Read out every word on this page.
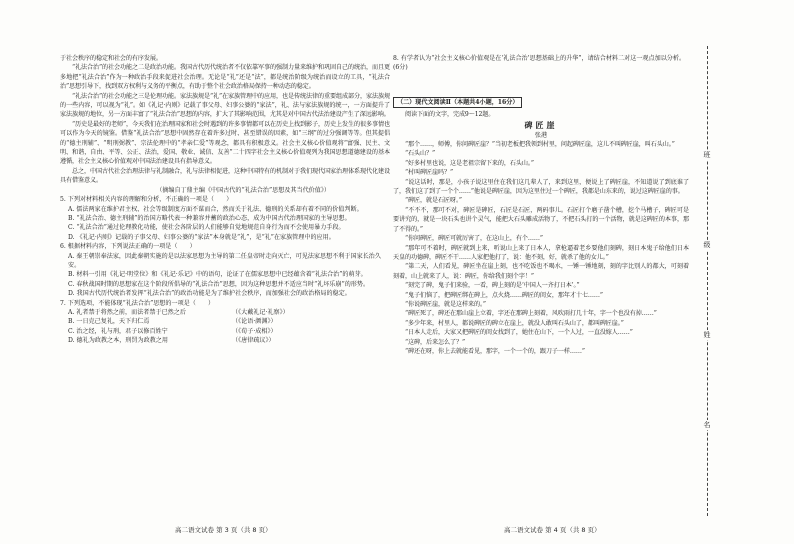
于社会秩序的稳定和社会的有序发展。

“礼法合治”的社会功能之二是政治功能。我国古代历代统治者不仅依靠军事的强制力量来维护和巩固自己的统治，而且更多地把“礼法合治”作为一种政治手段来促进社会治理。无论是“礼”还是“法”，都是统治阶级为统治而设立的工具，“礼法合治”思想引导下，找到双方权利与义务的平衡点，有助于整个社会政治格局保持一种动态的稳定。

“礼法合治”的社会功能之三是伦理功能。家法族规是“礼”在家族管理中的应用，也是传统法律的重要组成部分，家法族规的一些内容，可以视为“礼”。如《礼记·内则》记载了事父母、妇事公婆的“家法”，礼、法与家法族规的统一，一方面提升了家法族规的地位，另一方面丰富了“礼法合治”思想的内容，扩大了其影响范围，尤其是对中国古代法治建设产生了深远影响。

“历史是最好的老师”，今天我们在治理国家和社会时遇到的许多事情都可以在历史上找到影子，历史上发生的很多事情也可以作为今天的镜鉴。借鉴“礼法合治”思想中固然存在着许多过时、甚至错误的因素，如“三纲”的过分强调等等。但其提倡的“德主刑辅”、“明刑弼教”、宗法伦理中的“孝亲仁爱”等观念，都具有积极意义。社会主义核心价值观将“富强、民主、文明、和谐，自由、平等、公正、法治，爱国、敬业、诚信、友善”二十四字社会主义核心价值观列为我国思想道德建设的基本遵循，社会主义核心价值观对中国法治建设具有指导意义。

总之，中国古代社会治理法律与礼制融合，礼与法律相促进，这种中国特有的机制对于我们现代国家治理体系现代化建设具有借鉴意义。

（摘编自丁鼎主编《中国古代的“礼法合治”思想及其当代价值》）

5. 下列对材料相关内容的理解和分析，不正确的一项是（　　）

A. 儒法两家在维护君主权、社会等级制度方面不谋而合，然而关于礼法、德刑的关系却有着不同的价值判断。

B. “礼法合治、德主刑辅”的治国方略代表一种兼容并蓄的政治心态，成为中国古代治理国家的主导思想。

C. “礼法合治”通过伦理教化功能，使社会各阶层的人们能够自觉地规范自身行为而不会使用暴力手段。

D. 《礼记·内则》记载的子事父母、妇事公婆的“家法”本身就是“礼”，是“礼”在家族管理中的应用。

6. 根据材料内容，下列说法正确的一项是（　　）

A. 秦王朝崇奉法家，因此秦朝实施的是以法家思想为主导的第二任皇帝时走向灭亡，可见法家思想不利于国家长治久安。

B. 材料一引用《礼记·明堂位》和《礼记·乐记》中的语句，论证了在儒家思想中已经蕴含着“礼法合治”的萌芽。

C. 春秋战国时期的思想家在这个阶段所倡导的“礼法合治”思想，因为这种思想并不适应当时“礼坏乐崩”的形势。

D. 我国古代历代统治者发挥“礼法合治”的政治功能是为了维护社会秩序，而加强社会的政治格局的稳定。

7. 下列选项，不能体现“礼法合治”思想的一项是（　　）

A. 礼者禁于将然之前，而法者禁于已然之后	（《大戴礼记·礼察》）
B. 一日克己复礼，天下归仁焉	（《论语·颜渊》）
C. 治之经，礼与刑，君子以修百姓宁	（《荀子·成相》）
D. 德礼为政教之本，刑罚为政教之用	（《唐律疏议》）

8. 有学者认为“社会主义核心价值观是在‘礼法合治’思想基础上的升华”，请结合材料二对这一观点加以分析。(6分)

（二）现代文阅读Ⅱ（本题共4小题，16分）

阅读下面的文字，完成9～12题。

碑匠崖

张港

“那个……，师傅，你问碑匠崖？”当初老板把我领到村里，问起碑匠崖，这儿不叫碑匠崖，叫石头山。”

“石头山？”

“好多村里也说，这是老祖宗留下来的，石头山。”

“村叫碑匠崖吗？”

“说这话时，那是，小孩子说这里住在我们这几辈人了，来到这里，便说上了碑匠崖，不知道说了到底谁了了，我们这了到了一个个……”他说是碑匠崖，因为这里住过一个碑匠，我都是山东来的，说过这碑匠崖的事。

“碑匠，就是石匠呀。”

“不不不，那可不对，碑匠是碑匠，石匠是石匠，两码事儿。石匠打个磨子凿个槽，挖个马槽子，碑匠可是要讲究的，就是一块石头也讲个灵气，能把大石头雕成活物了，不把石头打的一个活物，就是这碑匠的本事，那了不得的。”

“你问碑匠，碑匠可就厉害了，在这山上，有个……”

“那年可不着时，碑匠就到上来，听说山上来了日本人，拿枪逼着老乡要他们刻碑，刻日本鬼子给他们日本天皇的功德碑，碑匠不干……人家把他打了，说：他不刻，好，就杀了他的女儿。”

“第二天，人们看见，碑匠坐在崖上刻，也不吃饭也不喝水，一锤一锤地刻，刻的字比别人的都大，可刻着刻着，山上就来了人，说：碑匠，你给我们刻个字！”

“刻完了碑，鬼子们来验，一看，碑上刻的是‘中国人一齐打日本’。”

“鬼子们恼了，把碑匠绑在碑上，点火烧……碑匠的闺女，那年才十七……”

“你说碑匠崖，就是这样来的。”

“碑匠死了，碑还在那山崖上立着，字还在那碑上刻着，风吹雨打几十年，字一个也没有掉……”

“多少年来，村里人，都说碑匠的碑立在崖上，就没人敢叫石头山了，都叫碑匠崖。”

“日本人走后，大家又把碑匠的闺女找到了，她住在山下，一个人过，一直没嫁人……”

“这碑，后来怎么了？”

“碑还在呀，你上去就能看见，那字，一个一个的，跟刀子一样……”

高二语文试卷 第 3 页（共 8 页）	高二语文试卷 第 4 页（共 8 页）
班
级
姓
名
